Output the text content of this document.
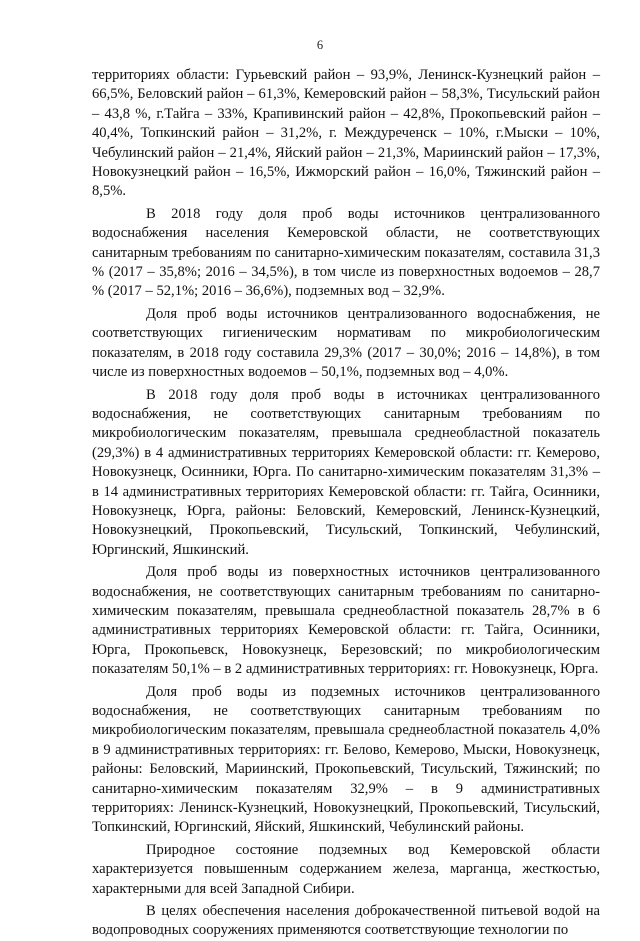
6

территориях области: Гурьевский район – 93,9%, Ленинск-Кузнецкий район – 66,5%, Беловский район – 61,3%, Кемеровский район – 58,3%, Тисульский район – 43,8 %, г.Тайга – 33%, Крапивинский район – 42,8%, Прокопьевский район – 40,4%, Топкинский район – 31,2%, г. Междуреченск – 10%, г.Мыски – 10%, Чебулинский район – 21,4%, Яйский район – 21,3%, Мариинский район – 17,3%, Новокузнецкий район – 16,5%, Ижморский район – 16,0%, Тяжинский район – 8,5%.

В 2018 году доля проб воды источников централизованного водоснабжения населения Кемеровской области, не соответствующих санитарным требованиям по санитарно-химическим показателям, составила 31,3 % (2017 – 35,8%; 2016 – 34,5%), в том числе из поверхностных водоемов – 28,7 % (2017 – 52,1%; 2016 – 36,6%), подземных вод – 32,9%.

Доля проб воды источников централизованного водоснабжения, не соответствующих гигиеническим нормативам по микробиологическим показателям, в 2018 году составила 29,3% (2017 – 30,0%; 2016 – 14,8%), в том числе из поверхностных водоемов – 50,1%, подземных вод – 4,0%.

В 2018 году доля проб воды в источниках централизованного водоснабжения, не соответствующих санитарным требованиям по микробиологическим показателям, превышала среднеобластной показатель (29,3%) в 4 административных территориях Кемеровской области: гг. Кемерово, Новокузнецк, Осинники, Юрга. По санитарно-химическим показателям 31,3% – в 14 административных территориях Кемеровской области: гг. Тайга, Осинники, Новокузнецк, Юрга, районы: Беловский, Кемеровский, Ленинск-Кузнецкий, Новокузнецкий, Прокопьевский, Тисульский, Топкинский, Чебулинский, Юргинский, Яшкинский.

Доля проб воды из поверхностных источников централизованного водоснабжения, не соответствующих санитарным требованиям по санитарно-химическим показателям, превышала среднеобластной показатель 28,7% в 6 административных территориях Кемеровской области: гг. Тайга, Осинники, Юрга, Прокопьевск, Новокузнецк, Березовский; по микробиологическим показателям 50,1% – в 2 административных территориях: гг. Новокузнецк, Юрга.

Доля проб воды из подземных источников централизованного водоснабжения, не соответствующих санитарным требованиям по микробиологическим показателям, превышала среднеобластной показатель 4,0% в 9 административных территориях: гг. Белово, Кемерово, Мыски, Новокузнецк, районы: Беловский, Мариинский, Прокопьевский, Тисульский, Тяжинский; по санитарно-химическим показателям 32,9% – в 9 административных территориях: Ленинск-Кузнецкий, Новокузнецкий, Прокопьевский, Тисульский, Топкинский, Юргинский, Яйский, Яшкинский, Чебулинский районы.

Природное состояние подземных вод Кемеровской области характеризуется повышенным содержанием железа, марганца, жесткостью, характерными для всей Западной Сибири.

В целях обеспечения населения доброкачественной питьевой водой на водопроводных сооружениях применяются соответствующие технологии по
